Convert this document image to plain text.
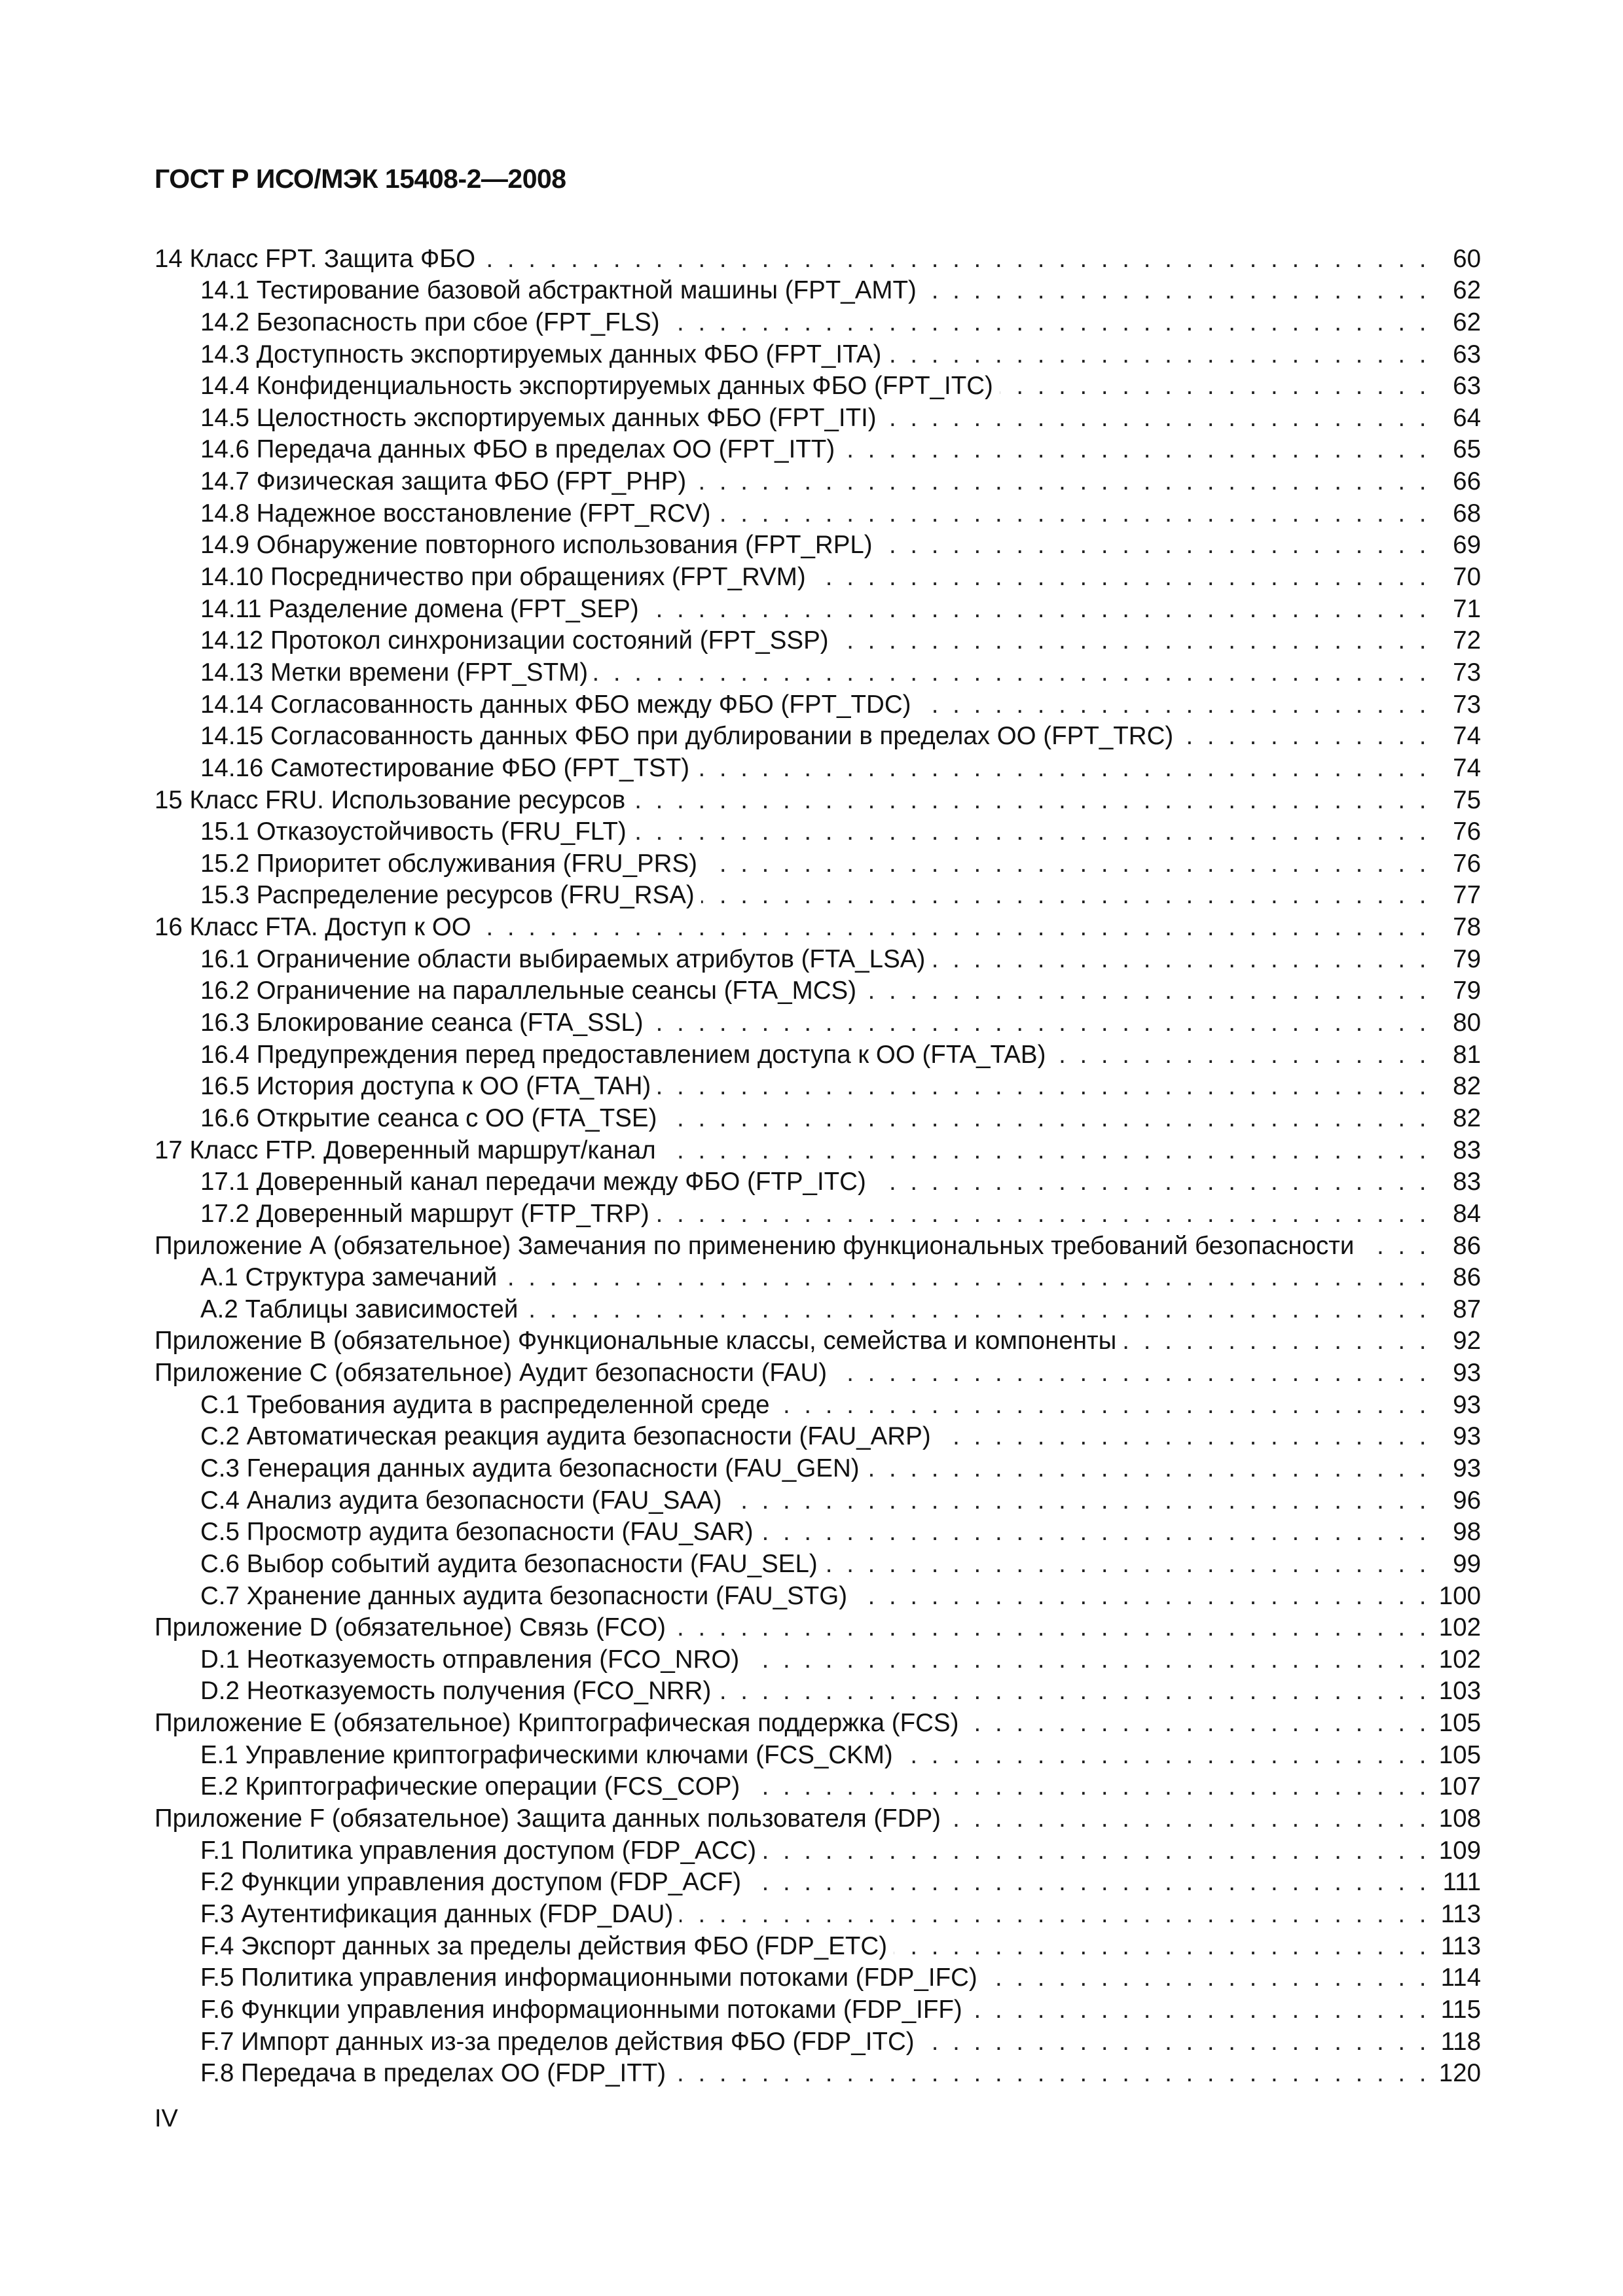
ГОСТ Р ИСО/МЭК 15408-2—2008
14 Класс FPT. Защита ФБО . . .	60
14.1 Тестирование базовой абстрактной машины (FPT_AMT) . . .	62
14.2 Безопасность при сбое (FPT_FLS) . . .	62
14.3 Доступность экспортируемых данных ФБО (FPT_ITA) . . .	63
14.4 Конфиденциальность экспортируемых данных ФБО (FPT_ITC) . . .	63
14.5 Целостность экспортируемых данных ФБО (FPT_ITI) . . .	64
14.6 Передача данных ФБО в пределах ОО (FPT_ITT) . . .	65
14.7 Физическая защита ФБО (FPT_PHP) . . .	66
14.8 Надежное восстановление (FPT_RCV) . . .	68
14.9 Обнаружение повторного использования (FPT_RPL) . . .	69
14.10 Посредничество при обращениях (FPT_RVM) . . .	70
14.11 Разделение домена (FPT_SEP) . . .	71
14.12 Протокол синхронизации состояний (FPT_SSP) . . .	72
14.13 Метки времени (FPT_STM) . . .	73
14.14 Согласованность данных ФБО между ФБО (FPT_TDC) . . .	73
14.15 Согласованность данных ФБО при дублировании в пределах ОО (FPT_TRC) . . .	74
14.16 Самотестирование ФБО (FPT_TST) . . .	74
15 Класс FRU. Использование ресурсов . . .	75
15.1 Отказоустойчивость (FRU_FLT) . . .	76
15.2 Приоритет обслуживания (FRU_PRS) . . .	76
15.3 Распределение ресурсов (FRU_RSA) . . .	77
16 Класс FTA. Доступ к ОО . . .	78
16.1 Ограничение области выбираемых атрибутов (FTA_LSA) . . .	79
16.2 Ограничение на параллельные сеансы (FTA_MCS) . . .	79
16.3 Блокирование сеанса (FTA_SSL) . . .	80
16.4 Предупреждения перед предоставлением доступа к ОО (FTA_TAB) . . .	81
16.5 История доступа к ОО (FTA_TAH) . . .	82
16.6 Открытие сеанса с ОО (FTA_TSE) . . .	82
17 Класс FTP. Доверенный маршрут/канал . . .	83
17.1 Доверенный канал передачи между ФБО (FTP_ITC) . . .	83
17.2 Доверенный маршрут (FTP_TRP) . . .	84
Приложение А (обязательное) Замечания по применению функциональных требований безопасности . . .	86
А.1 Структура замечаний . . .	86
А.2 Таблицы зависимостей . . .	87
Приложение В (обязательное) Функциональные классы, семейства и компоненты . . .	92
Приложение С (обязательное) Аудит безопасности (FAU) . . .	93
С.1 Требования аудита в распределенной среде . . .	93
С.2 Автоматическая реакция аудита безопасности (FAU_ARP) . . .	93
С.3 Генерация данных аудита безопасности (FAU_GEN) . . .	93
С.4 Анализ аудита безопасности (FAU_SAA) . . .	96
С.5 Просмотр аудита безопасности (FAU_SAR) . . .	98
С.6 Выбор событий аудита безопасности (FAU_SEL) . . .	99
С.7 Хранение данных аудита безопасности (FAU_STG) . . .	100
Приложение D (обязательное) Связь (FCO) . . .	102
D.1 Неотказуемость отправления (FCO_NRO) . . .	102
D.2 Неотказуемость получения (FCO_NRR) . . .	103
Приложение Е (обязательное) Криптографическая поддержка (FCS) . . .	105
Е.1 Управление криптографическими ключами (FCS_CKM) . . .	105
Е.2 Криптографические операции (FCS_COP) . . .	107
Приложение F (обязательное) Защита данных пользователя (FDP) . . .	108
F.1 Политика управления доступом (FDP_ACC) . . .	109
F.2 Функции управления доступом (FDP_ACF) . . .	111
F.3 Аутентификация данных (FDP_DAU) . . .	113
F.4 Экспорт данных за пределы действия ФБО (FDP_ETC) . . .	113
F.5 Политика управления информационными потоками (FDP_IFC) . . .	114
F.6 Функции управления информационными потоками (FDP_IFF) . . .	115
F.7 Импорт данных из-за пределов действия ФБО (FDP_ITC) . . .	118
F.8 Передача в пределах ОО (FDP_ITT) . . .	120
IV
